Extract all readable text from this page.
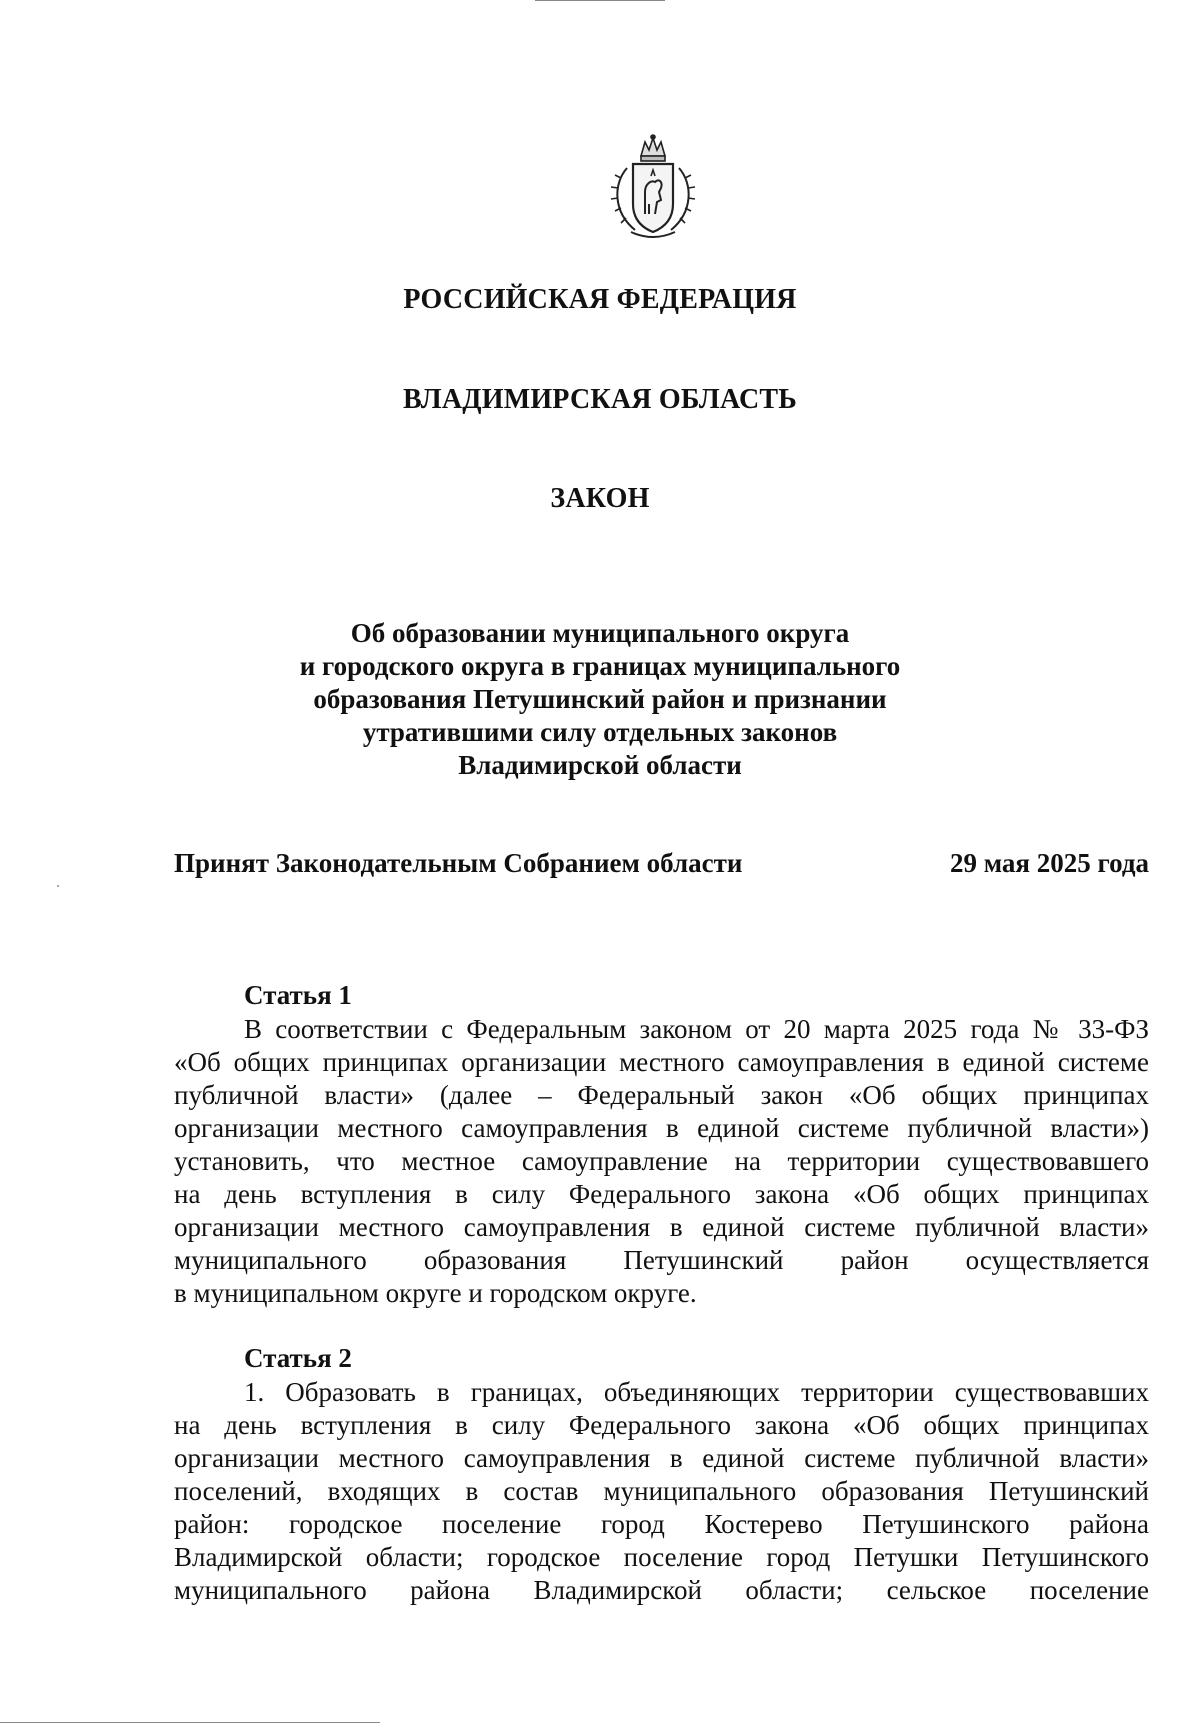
РОССИЙСКАЯ ФЕДЕРАЦИЯ
ВЛАДИМИРСКАЯ ОБЛАСТЬ
ЗАКОН
Об образовании муниципального округа
и городского округа в границах муниципального
образования Петушинский район и признании
утратившими силу отдельных законов
Владимирской области
Принят Законодательным Собранием области	29 мая 2025 года
Статья 1
В соответствии с Федеральным законом от 20 марта 2025 года № 33-ФЗ
«Об общих принципах организации местного самоуправления в единой системе
публичной власти» (далее – Федеральный закон «Об общих принципах
организации местного самоуправления в единой системе публичной власти»)
установить, что местное самоуправление на территории существовавшего
на день вступления в силу Федерального закона «Об общих принципах
организации местного самоуправления в единой системе публичной власти»
муниципального образования Петушинский район осуществляется
в муниципальном округе и городском округе.
Статья 2
1. Образовать в границах, объединяющих территории существовавших
на день вступления в силу Федерального закона «Об общих принципах
организации местного самоуправления в единой системе публичной власти»
поселений, входящих в состав муниципального образования Петушинский
район: городское поселение город Костерево Петушинского района
Владимирской области; городское поселение город Петушки Петушинского
муниципального района Владимирской области; сельское поселение
